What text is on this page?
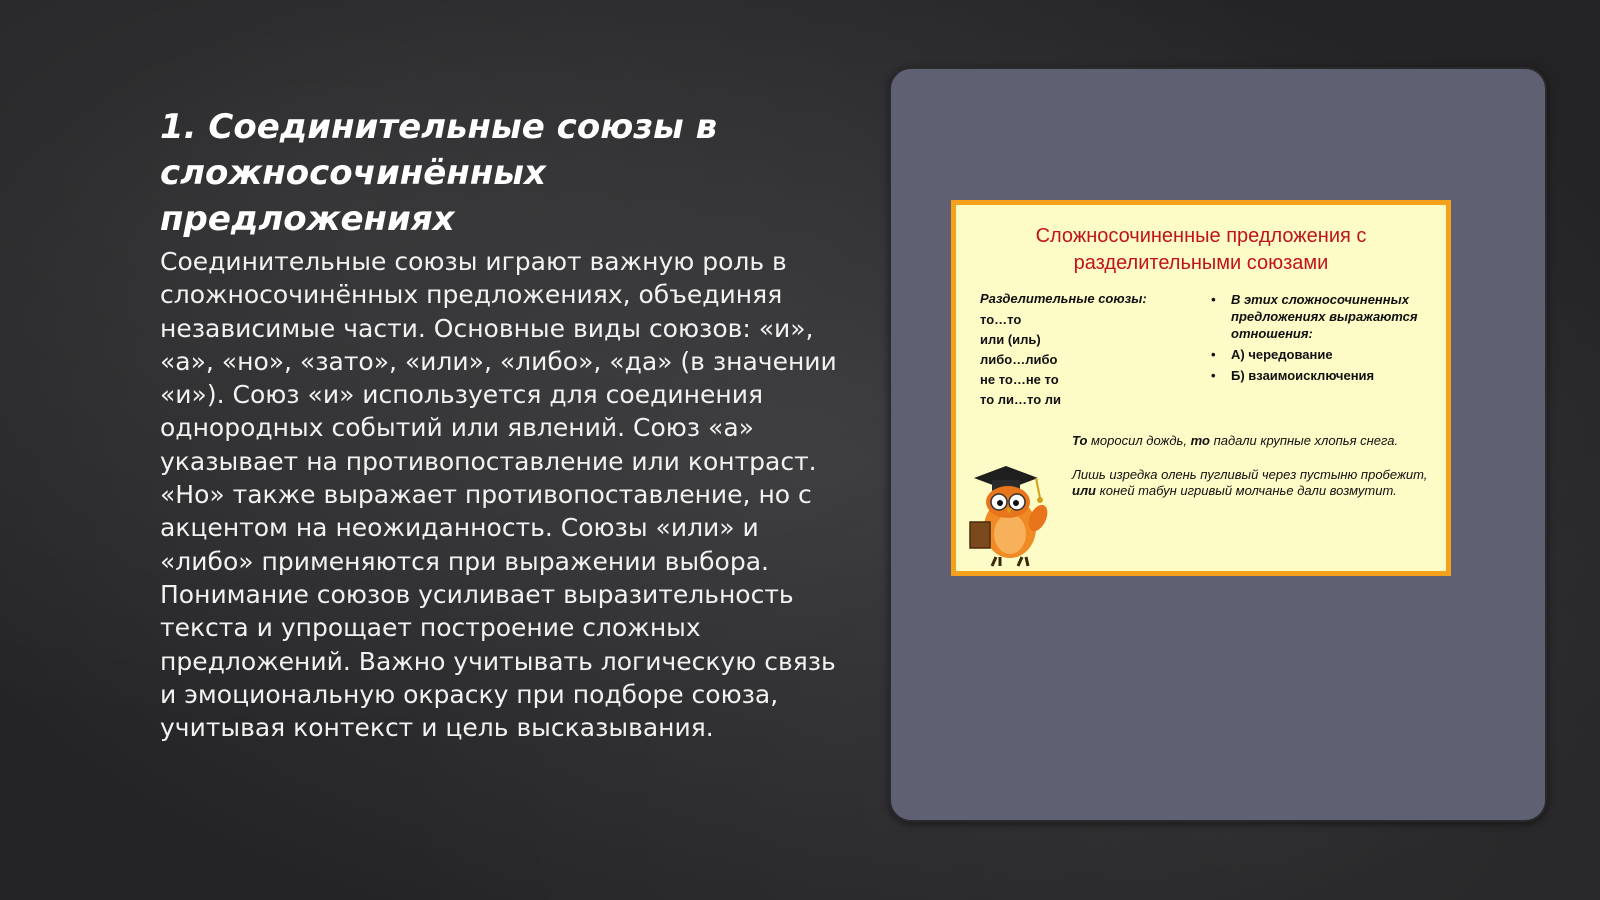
1. Соединительные союзы в сложносочинённых предложениях

Соединительные союзы играют важную роль в сложносочинённых предложениях, объединяя независимые части. Основные виды союзов: «и», «а», «но», «зато», «или», «либо», «да» (в значении «и»). Союз «и» используется для соединения однородных событий или явлений. Союз «а» указывает на противопоставление или контраст. «Но» также выражает противопоставление, но с акцентом на неожиданность. Союзы «или» и «либо» применяются при выражении выбора. Понимание союзов усиливает выразительность текста и упрощает построение сложных предложений. Важно учитывать логическую связь и эмоциональную окраску при подборе союза, учитывая контекст и цель высказывания.

Сложносочиненные предложения с разделительными союзами
Разделительные союзы:
то…то
или (иль)
либо…либо
не то…не то
то ли…то ли
• В этих сложносочиненных предложениях выражаются отношения:
• А) чередование
• Б) взаимоисключения
То моросил дождь, то падали крупные хлопья снега.
Лишь изредка олень пугливый через пустыню пробежит, или коней табун игривый молчанье дали возмутит.
